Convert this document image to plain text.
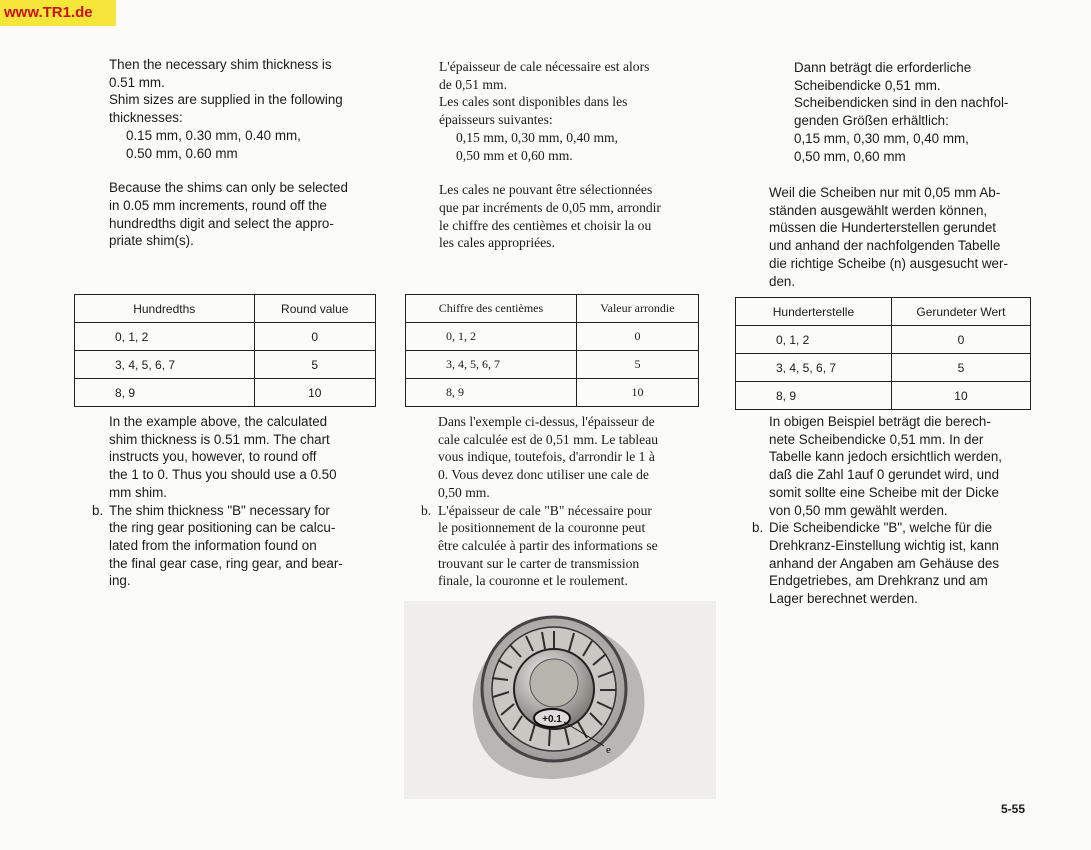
www.TR1.de
Then the necessary shim thickness is
0.51 mm.
Shim sizes are supplied in the following
thicknesses:
0.15 mm, 0.30 mm, 0.40 mm,
0.50 mm, 0.60 mm
Because the shims can only be selected
in 0.05 mm increments, round off the
hundredths digit and select the appro-
priate shim(s).
Hundredths	Round value
0, 1, 2	0
3, 4, 5, 6, 7	5
8, 9	10
In the example above, the calculated
shim thickness is 0.51 mm. The chart
instructs you, however, to round off
the 1 to 0. Thus you should use a 0.50
mm shim.
b. The shim thickness "B" necessary for
the ring gear positioning can be calcu-
lated from the information found on
the final gear case, ring gear, and bear-
ing.
L'épaisseur de cale nécessaire est alors
de 0,51 mm.
Les cales sont disponibles dans les
épaisseurs suivantes:
0,15 mm, 0,30 mm, 0,40 mm,
0,50 mm et 0,60 mm.
Les cales ne pouvant être sélectionnées
que par incréments de 0,05 mm, arrondir
le chiffre des centièmes et choisir la ou
les cales appropriées.
Chiffre des centièmes	Valeur arrondie
0, 1, 2	0
3, 4, 5, 6, 7	5
8, 9	10
Dans l'exemple ci-dessus, l'épaisseur de
cale calculée est de 0,51 mm. Le tableau
vous indique, toutefois, d'arrondir le 1 à
0. Vous devez donc utiliser une cale de
0,50 mm.
b. L'épaisseur de cale "B" nécessaire pour
le positionnement de la couronne peut
être calculée à partir des informations se
trouvant sur le carter de transmission
finale, la couronne et le roulement.
Dann beträgt die erforderliche
Scheibendicke 0,51 mm.
Scheibendicken sind in den nachfol-
genden Größen erhältlich:
0,15 mm, 0,30 mm, 0,40 mm,
0,50 mm, 0,60 mm
Weil die Scheiben nur mit 0,05 mm Ab-
ständen ausgewählt werden können,
müssen die Hunderterstellen gerundet
und anhand der nachfolgenden Tabelle
die richtige Scheibe (n) ausgesucht wer-
den.
Hunderterstelle	Gerundeter Wert
0, 1, 2	0
3, 4, 5, 6, 7	5
8, 9	10
In obigen Beispiel beträgt die berech-
nete Scheibendicke 0,51 mm. In der
Tabelle kann jedoch ersichtlich werden,
daß die Zahl 1auf 0 gerundet wird, und
somit sollte eine Scheibe mit der Dicke
von 0,50 mm gewählt werden.
b. Die Scheibendicke "B", welche für die
Drehkranz-Einstellung wichtig ist, kann
anhand der Angaben am Gehäuse des
Endgetriebes, am Drehkranz und am
Lager berechnet werden.
+0.1
e
5-55
